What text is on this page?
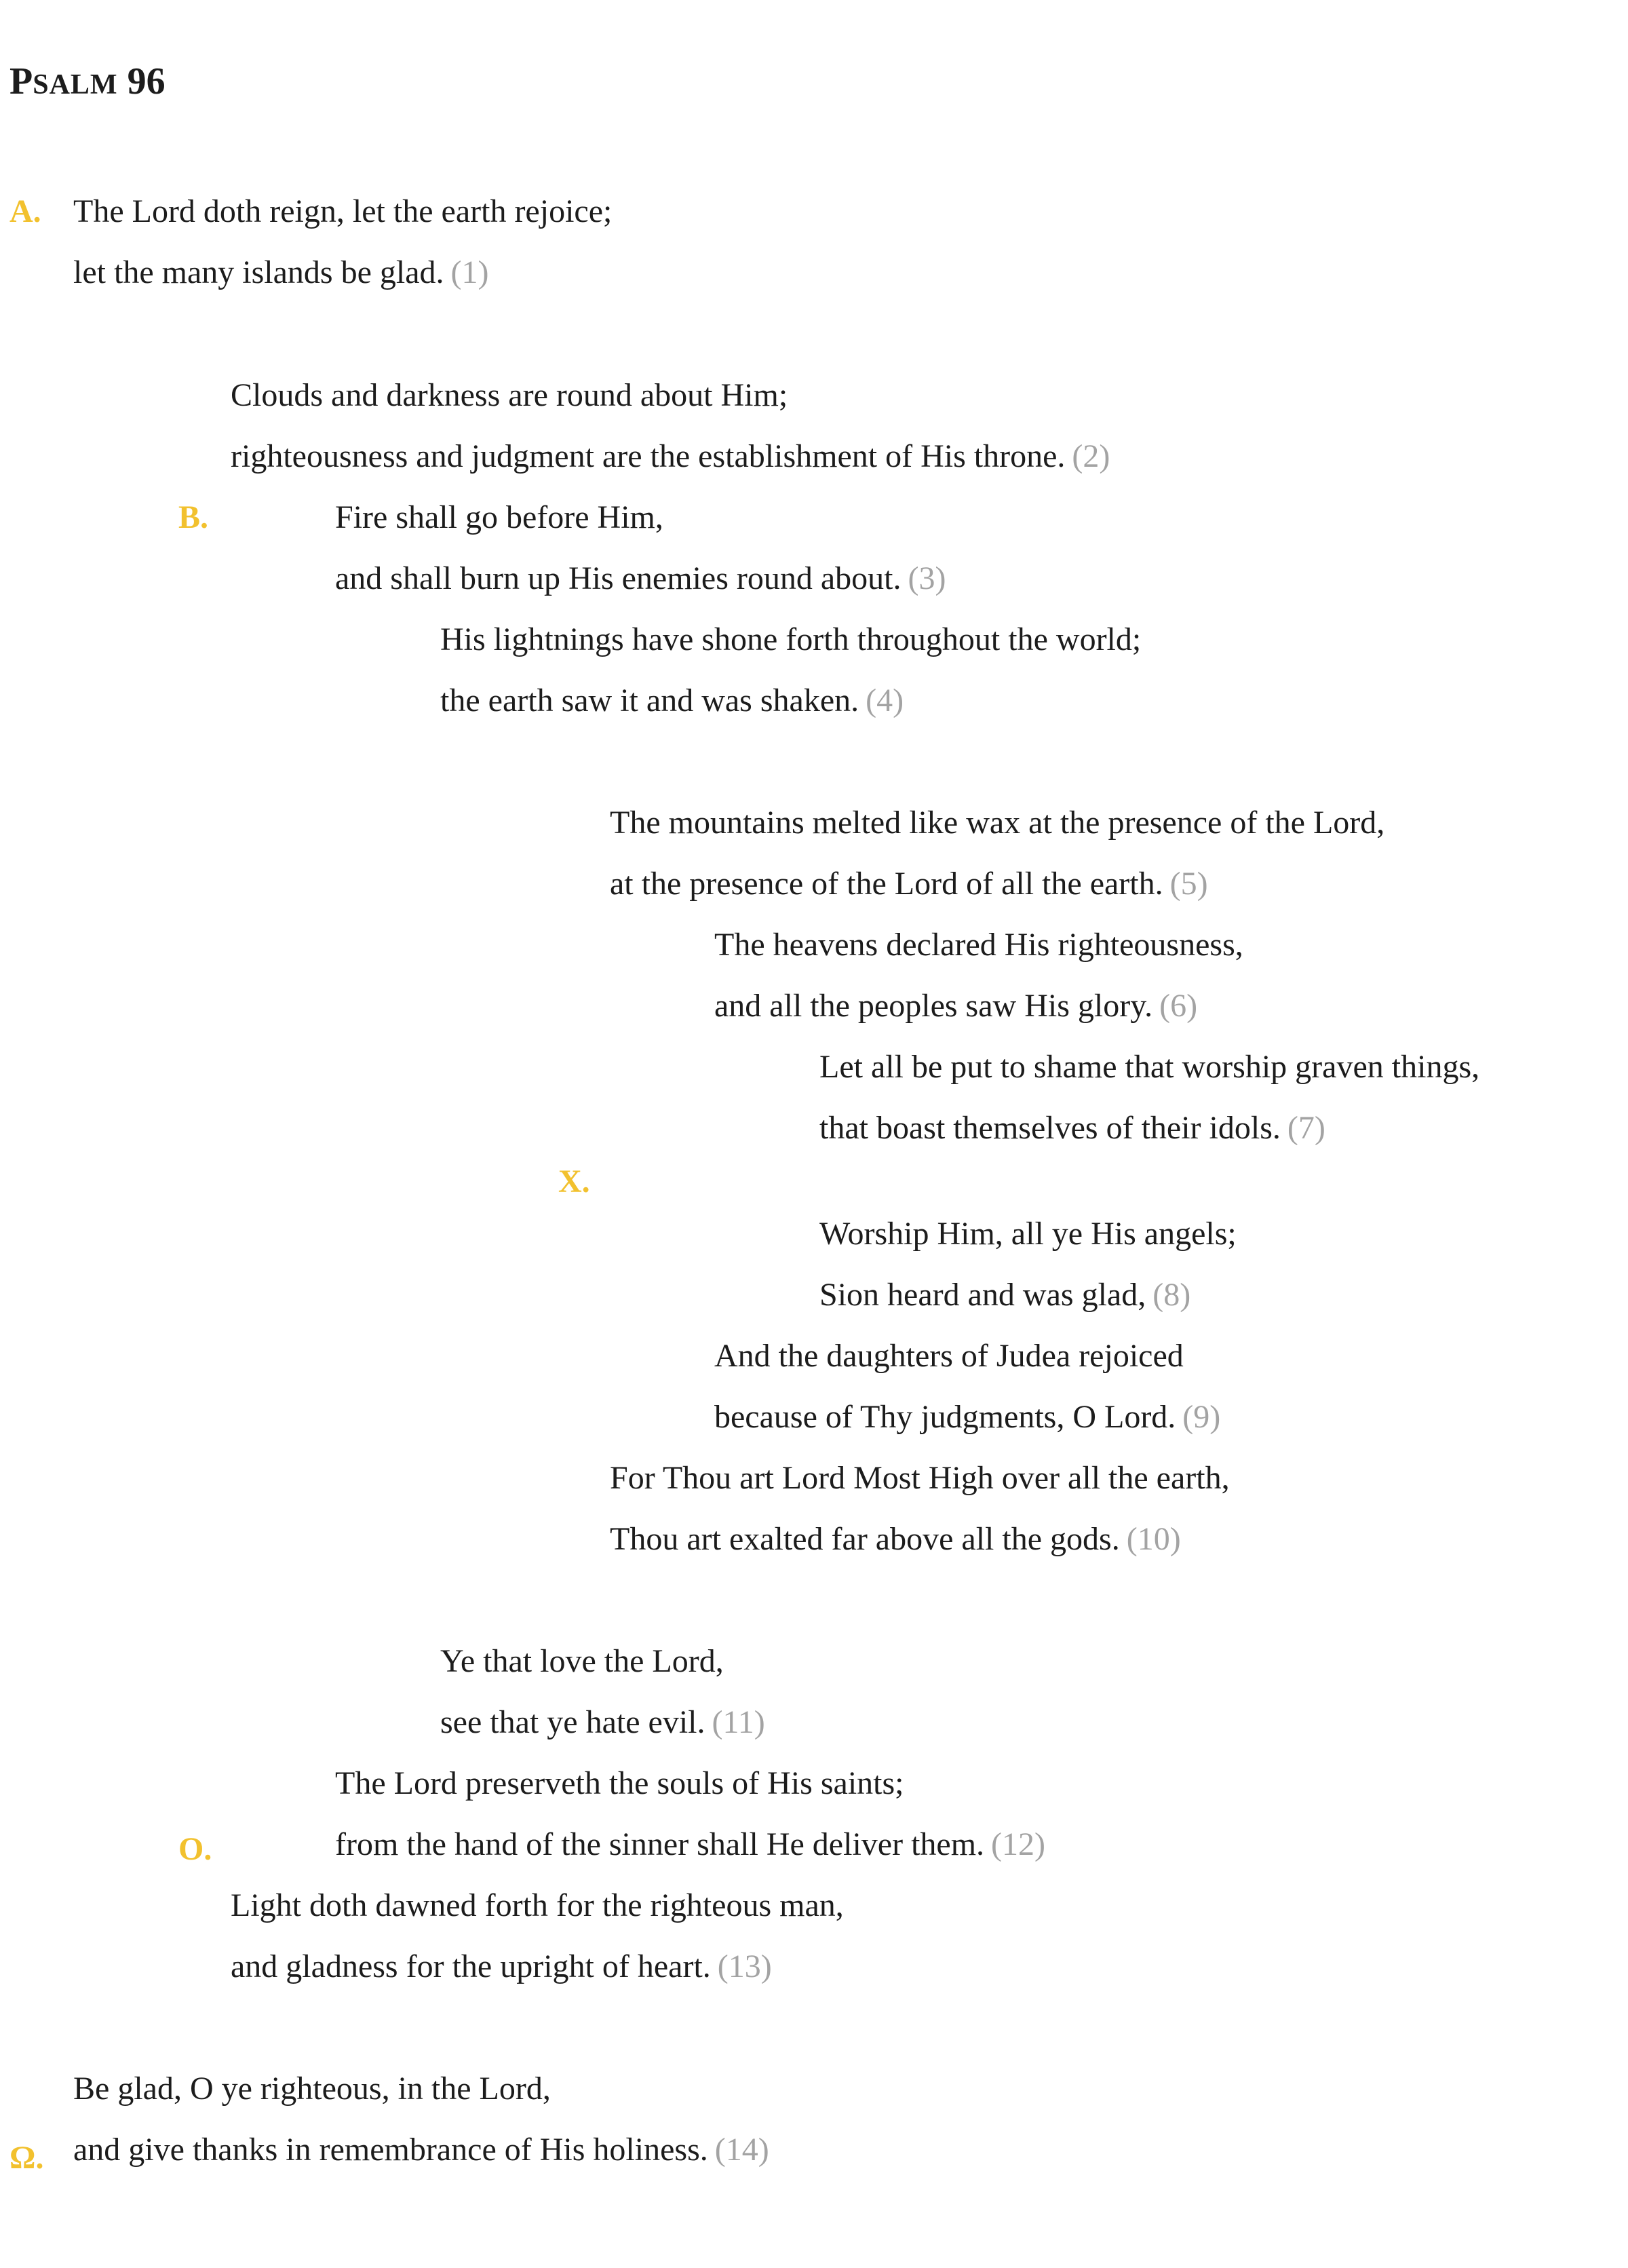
PSALM 96
A.
B.
X.
O.
Ω.
The Lord doth reign, let the earth rejoice;
let the many islands be glad. (1)
Clouds and darkness are round about Him;
righteousness and judgment are the establishment of His throne. (2)
Fire shall go before Him,
and shall burn up His enemies round about. (3)
His lightnings have shone forth throughout the world;
the earth saw it and was shaken. (4)
The mountains melted like wax at the presence of the Lord,
at the presence of the Lord of all the earth. (5)
The heavens declared His righteousness,
and all the peoples saw His glory. (6)
Let all be put to shame that worship graven things,
that boast themselves of their idols. (7)
Worship Him, all ye His angels;
Sion heard and was glad, (8)
And the daughters of Judea rejoiced
because of Thy judgments, O Lord. (9)
For Thou art Lord Most High over all the earth,
Thou art exalted far above all the gods. (10)
Ye that love the Lord,
see that ye hate evil. (11)
The Lord preserveth the souls of His saints;
from the hand of the sinner shall He deliver them. (12)
Light doth dawned forth for the righteous man,
and gladness for the upright of heart. (13)
Be glad, O ye righteous, in the Lord,
and give thanks in remembrance of His holiness. (14)
